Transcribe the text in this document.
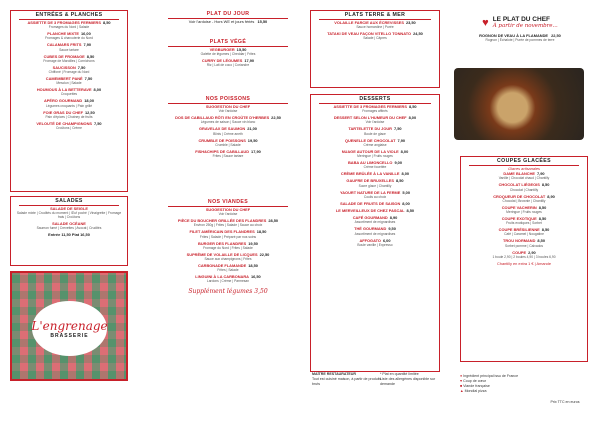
ENTRÉES & PLANCHES
ASSIETTE DE 3 FROMAGES FERMIERS 8,50
Fromages du Nord | Salade
PLANCHE MIXTE 16,00
Fromages & charcuterie du Nord
CALAMARS FRITS 7,90
Sauce tartare
CUBES DE FROMAGE 8,50
Fromage de Maroilles | Cornichons
SAUCISSON 7,50
Chiffoné | Fromage du Nord
CAMEMBERT PANÉ 7,50
Mesclun | Salade
HOUMOUS À LA BETTERAVE 8,00
Croquettes
APÉRO GOURMAND 18,00
Légumes croquants | Pain grillé
FOIE GRAS DU CHEF 12,50
Pain d'épices | Chutney de fruits
VELOUTÉ DE CHAMPIGNONS 7,50
Croûtons | Crème
SALADES
SALADE DE SEIGLE
Salade mixte | Crudités du moment | Œuf poché | Vinaigrette | Fromage frais | Croûtons
SALADE OCÉANE
Saumon fumé | Crevettes | Avocat | Crudités
Entrée 11,50 Plat 16,50
L'engrenage
BRASSERIE
PLAT DU JOUR
Voir l'ardoise - Hors WE et jours fériés 15,50
PLATS VÉGÉ
VEGBURGER 15,50
Galette de légumes | Cheddar | Frites
CURRY DE LÉGUMES 17,90
Riz | Lait de coco | Coriandre
NOS POISSONS
SUGGESTION DU CHEF
Voir l'ardoise
DOS DE CABILLAUD RÔTI EN CROÛTE D'HERBES 22,50
Légumes de saison | Sauce vin blanc
GRAVELAX DE SAUMON 21,00
Blinis | Crème aneth
CRUMBLE DE POISSONS 19,50
Crumble | Salade
FISH&CHIPS DE CABILLAUD 17,90
Frites | Sauce tartare
NOS VIANDES
SUGGESTION DU CHEF
Voir l'ardoise
PIÈCE DU BOUCHER GRILLÉE DES FLANDRES 28,50
Environ 250g | Frites | Salade | Sauce au choix
FILET AMÉRICAIN DES FLANDRES 18,50
Frites | Salade | Préparé par nos soins
BURGER DES FLANDRES 19,50
Fromage du Nord | Frites | Salade
SUPRÊME DE VOLAILLE DE LICQUES 22,50
Sauce aux champignons | Frites
CARBONADE FLAMANDE 18,50
Frites | Salade
LINGUINI À LA CARBONARA 16,50
Lardons | Crème | Parmesan
Supplément légumes 3,50
PLATS TERRE & MER
VOLAILLE FARCIE AUX ÉCREVISSES 23,50
Sauce homardine | Purée
TATAKI DE VEAU FAÇON VITELLO TONNATO 24,50
Salade | Câpres
DESSERTS
ASSIETTE DE 3 FROMAGES FERMIERS 8,50
Fromages affinés
DESSERT SELON L'HUMEUR DU CHEF 8,00
Voir l'ardoise
TARTELETTE DU JOUR 7,50
Boule de glace
QUENELLE DE CHOCOLAT 7,90
Crème anglaise
NUAGE AUTOUR DE LA VIOLE 8,00
Meringue | Fruits rouges
BABA AU LIMONCELLO 9,00
Crème fouettée
CRÈME BRÛLÉE À LA VANILLE 8,00
GAUFRE DE BRUXELLES 8,50
Sucre glace | Chantilly
YAOURT NATURE DE LA FERME 5,00
Coulis au choix
SALADE DE FRUITS DE SAISON 8,00
LE MERVEILLEUX DE CHEZ PASCAL 8,50
CAFÉ GOURMAND 8,90
Assortiment de mignardises
THÉ GOURMAND 9,50
Assortiment de mignardises
AFFOGATO 6,00
Boule vanille | Expresso
♥ LE PLAT DU CHEF
À partir de novembre...
ROGNON DE VEAU À LA FLAMANDE 22,50
Rognon | Échalote | Purée de pommes de terre
COUPES GLACÉES
Glaces artisanales
DAME BLANCHE 7,90
Vanille | Chocolat chaud | Chantilly
CHOCOLAT LIÉGEOIS 8,50
Chocolat | Chantilly
CROQUEUR DE CHOCOLAT 8,90
Chocolat | Brownie | Chantilly
COUPE VACHERIN 8,50
Meringue | Fruits rouges
COUPE EXOTIQUE 8,50
Fruits exotiques | Sorbet
COUPE BRÉSILIENNE 8,50
Café | Caramel | Nougatine
TROU NORMAND 8,50
Sorbet pomme | Calvados
COUPE 2,90
1 boule 2,90 | 2 boules 4,90 | 3 boules 6,90
Chantilly en extra 1 € | Amande
MAÎTRE RESTAURATEUR
Tout est cuisiné maison, à partir de produits bruts
* Plat en quantité limitée
Liste des allergènes disponible sur demande
● Ingrédient principal issu de France
♥ Coup de cœur
■ Viande française
▲ Mondial pizza
Prix TTC en euros
